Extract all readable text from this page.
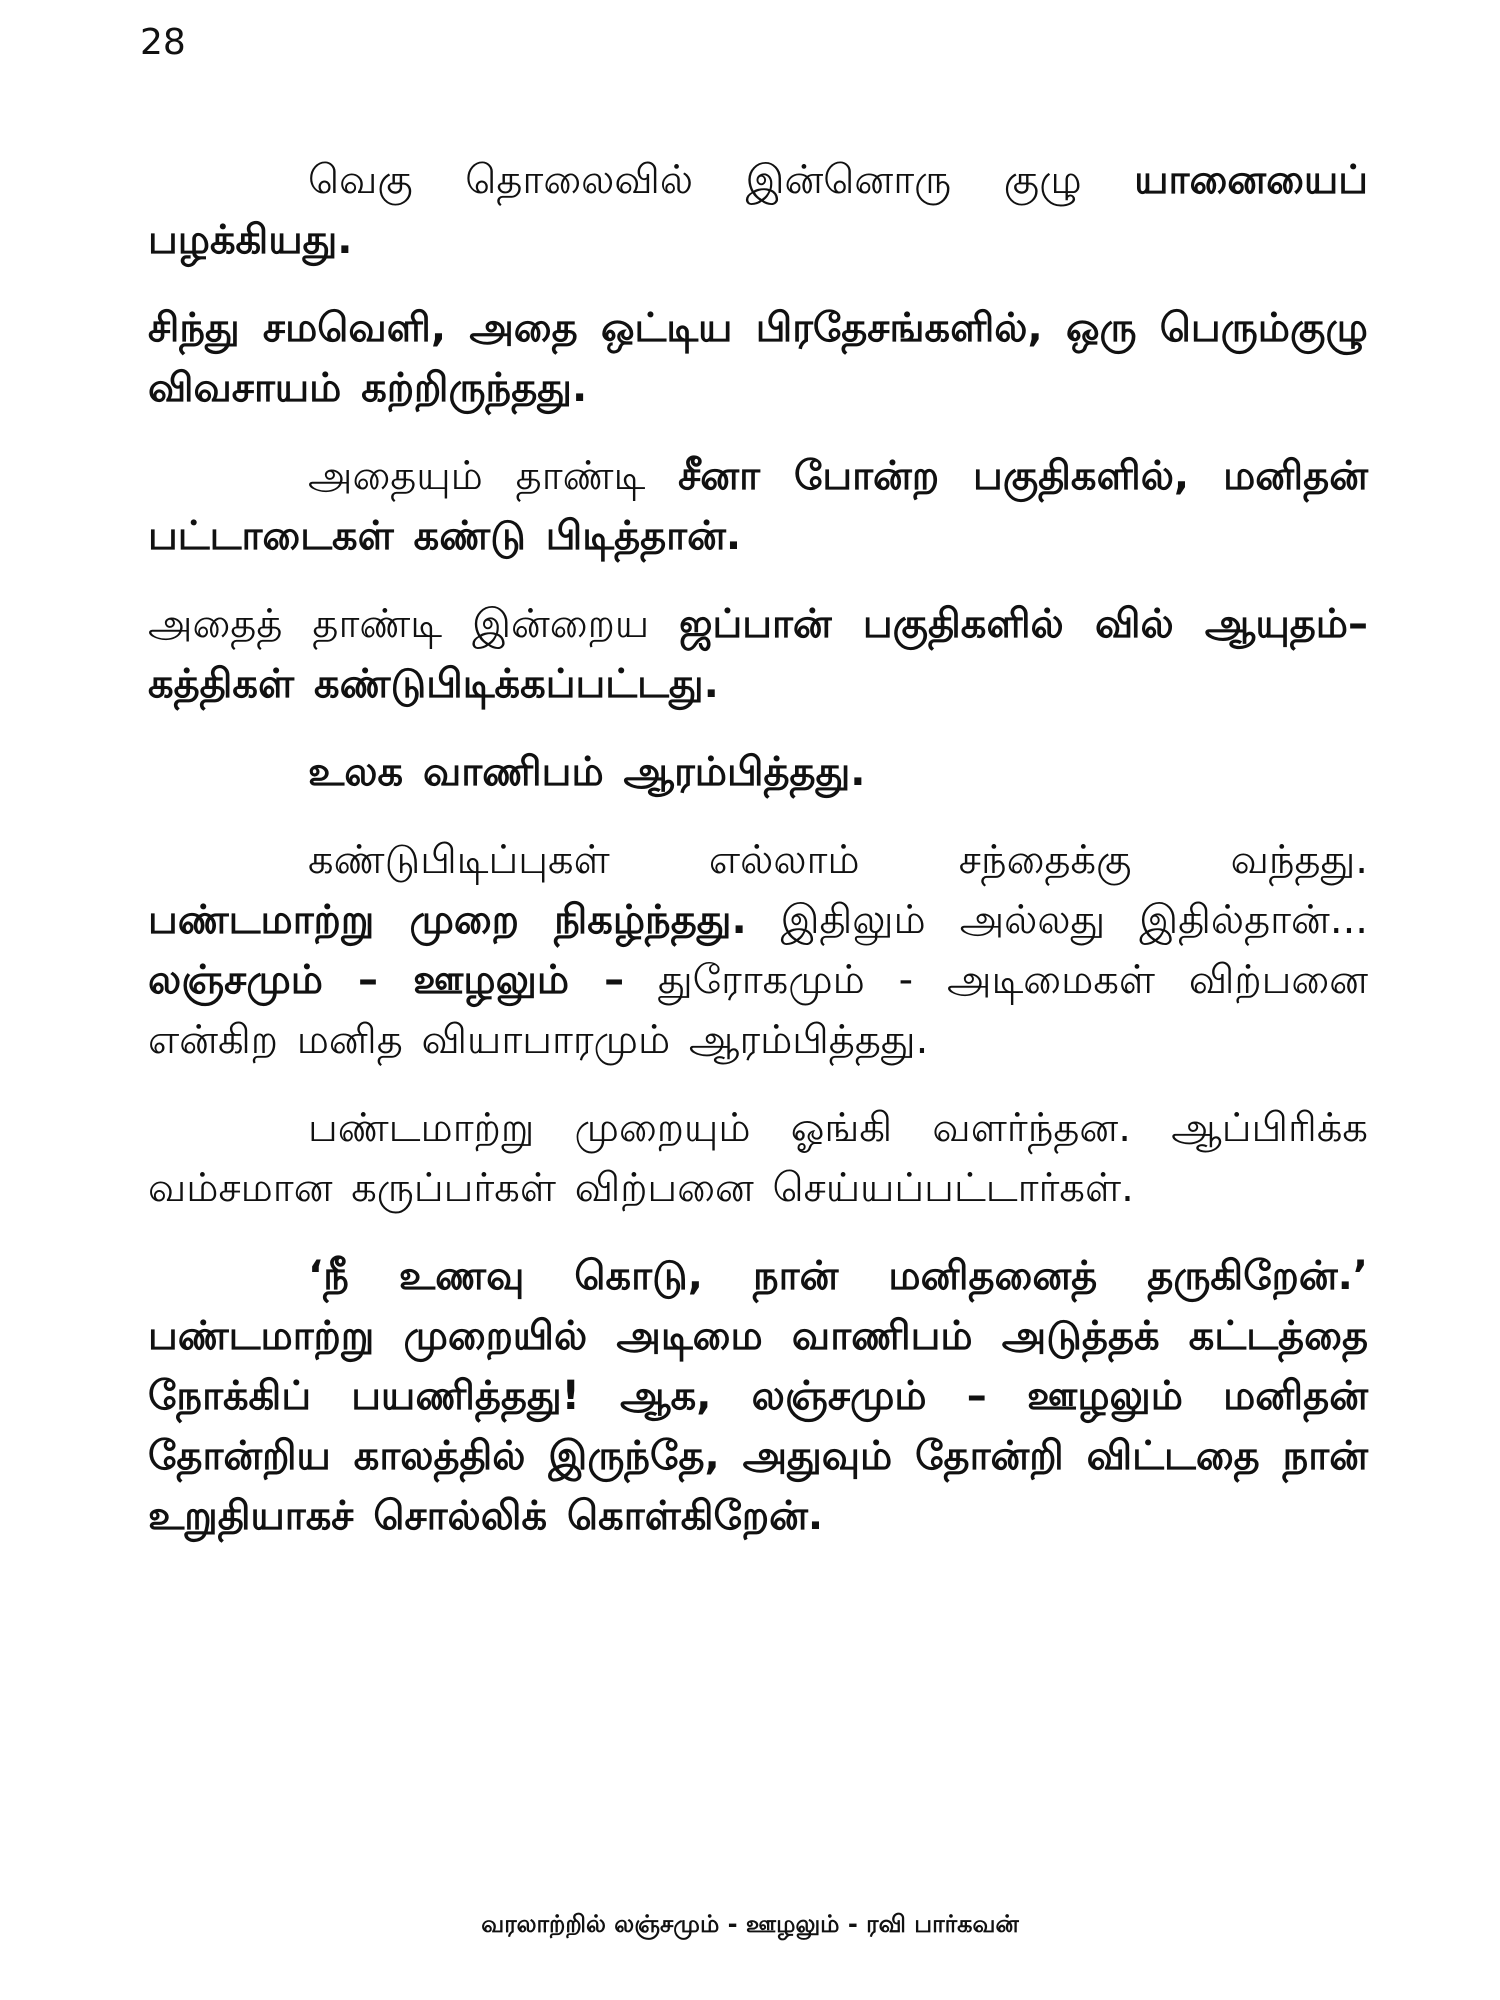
28

வெகு தொலைவில் இன்னொரு குழு யானையைப் பழக்கியது.

சிந்து சமவெளி, அதை ஒட்டிய பிரதேசங்களில், ஒரு பெரும்குழு விவசாயம் கற்றிருந்தது.

அதையும் தாண்டி சீனா போன்ற பகுதிகளில், மனிதன் பட்டாடைகள் கண்டு பிடித்தான்.

அதைத் தாண்டி இன்றைய ஜப்பான் பகுதிகளில் வில் ஆயுதம்–கத்திகள் கண்டுபிடிக்கப்பட்டது.

உலக வாணிபம் ஆரம்பித்தது.

கண்டுபிடிப்புகள் எல்லாம் சந்தைக்கு வந்தது. பண்டமாற்று முறை நிகழ்ந்தது. இதிலும் அல்லது இதில்தான்... லஞ்சமும் – ஊழலும் – துரோகமும் - அடிமைகள் விற்பனை என்கிற மனித வியாபாரமும் ஆரம்பித்தது.

பண்டமாற்று முறையும் ஓங்கி வளர்ந்தன. ஆப்பிரிக்க வம்சமான கருப்பர்கள் விற்பனை செய்யப்பட்டார்கள்.

‘நீ உணவு கொடு, நான் மனிதனைத் தருகிறேன்.’ பண்டமாற்று முறையில் அடிமை வாணிபம் அடுத்தக் கட்டத்தை நோக்கிப் பயணித்தது! ஆக, லஞ்சமும் – ஊழலும் மனிதன் தோன்றிய காலத்தில் இருந்தே, அதுவும் தோன்றி விட்டதை நான் உறுதியாகச் சொல்லிக் கொள்கிறேன்.

வரலாற்றில் லஞ்சமும் - ஊழலும் - ரவி பார்கவன்
